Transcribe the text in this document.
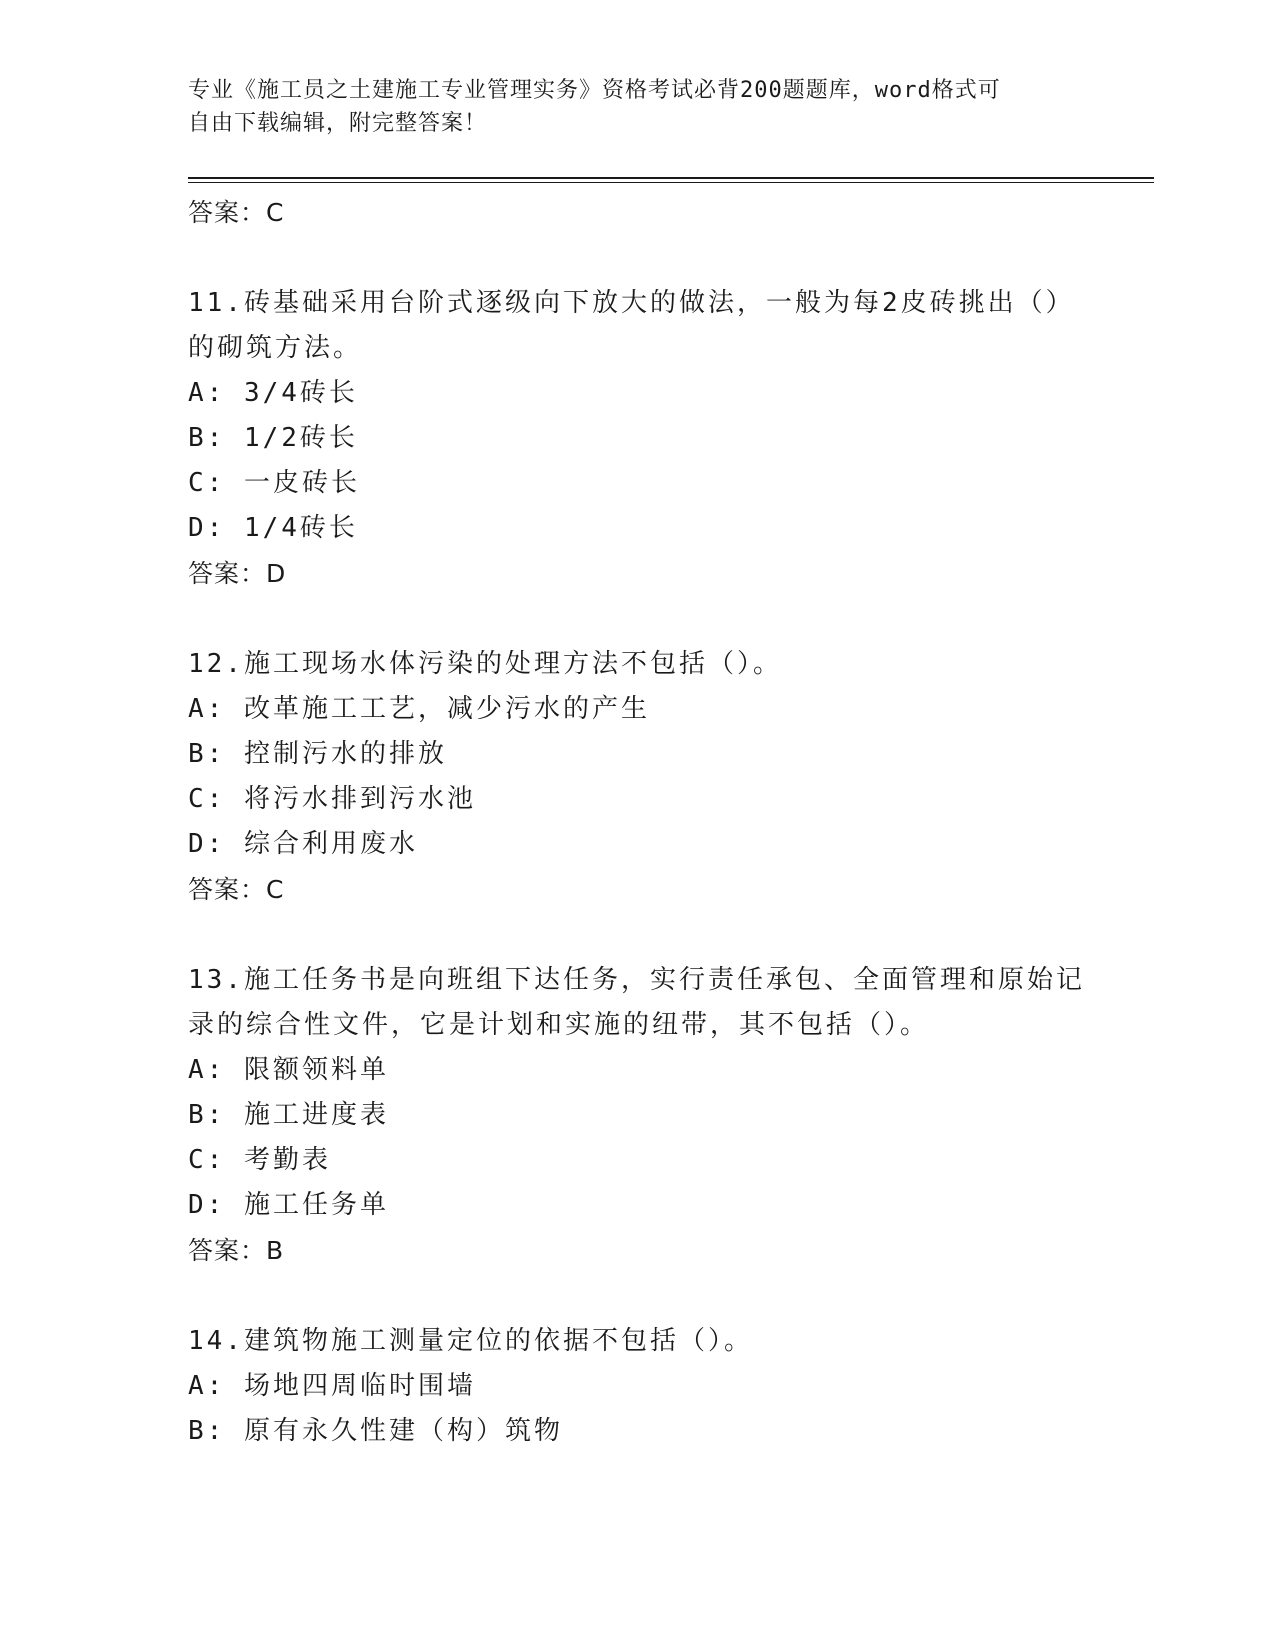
专业《施工员之土建施工专业管理实务》资格考试必背200题题库，word格式可
自由下载编辑，附完整答案！
答案：C
11.砖基础采用台阶式逐级向下放大的做法，一般为每2皮砖挑出（）
的砌筑方法。
A: 3/4砖长
B: 1/2砖长
C: 一皮砖长
D: 1/4砖长
答案：D
12.施工现场水体污染的处理方法不包括（）。
A: 改革施工工艺，减少污水的产生
B: 控制污水的排放
C: 将污水排到污水池
D: 综合利用废水
答案：C
13.施工任务书是向班组下达任务，实行责任承包、全面管理和原始记
录的综合性文件，它是计划和实施的纽带，其不包括（）。
A: 限额领料单
B: 施工进度表
C: 考勤表
D: 施工任务单
答案：B
14.建筑物施工测量定位的依据不包括（）。
A: 场地四周临时围墙
B: 原有永久性建（构）筑物
